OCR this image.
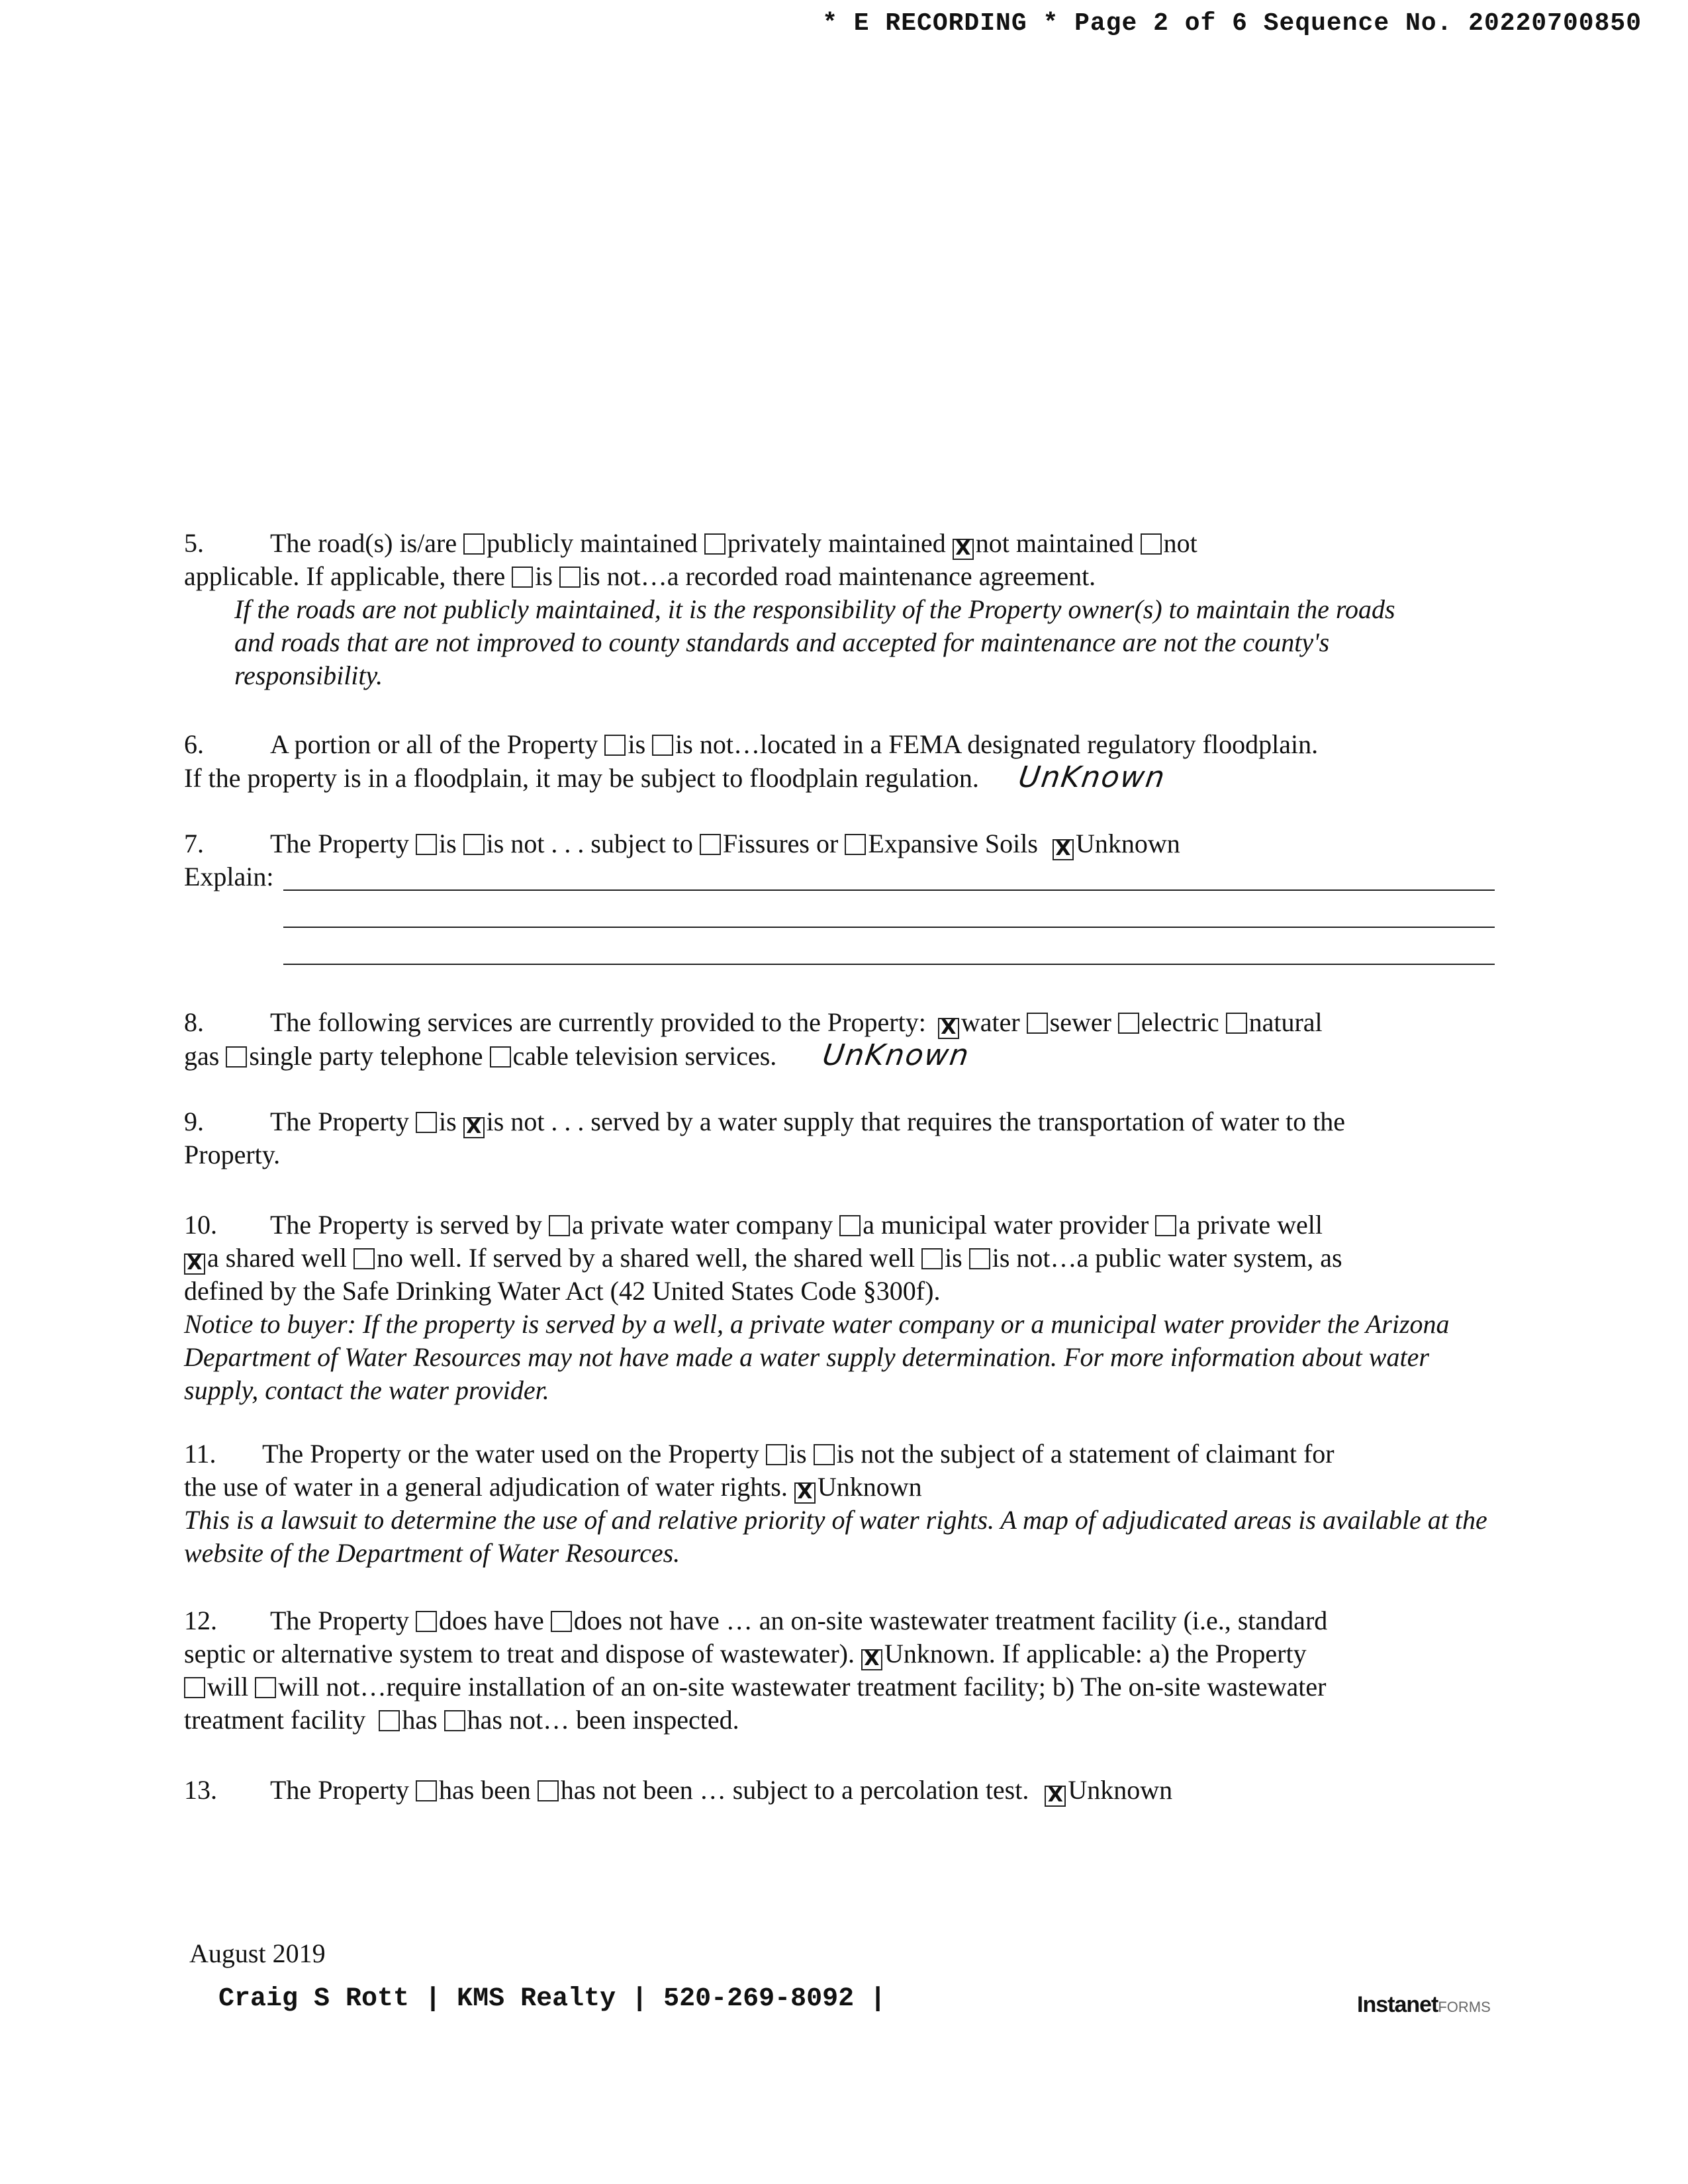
* E RECORDING * Page 2 of 6 Sequence No. 20220700850
5.	The road(s) is/are publicly maintained privately maintained X not maintained not
applicable. If applicable, there is is not…a recorded road maintenance agreement.
If the roads are not publicly maintained, it is the responsibility of the Property owner(s) to maintain the roads and roads that are not improved to county standards and accepted for maintenance are not the county's responsibility.
6.	A portion or all of the Property is is not…located in a FEMA designated regulatory floodplain.
If the property is in a floodplain, it may be subject to floodplain regulation. UnKnown
7.	The Property is is not . . . subject to Fissures or Expansive Soils X Unknown
Explain:
8.	The following services are currently provided to the Property: X water sewer electric natural
gas single party telephone cable television services. UnKnown
9.	The Property is X is not . . . served by a water supply that requires the transportation of water to the
Property.
10. The Property is served by a private water company a municipal water provider a private well
X a shared well no well. If served by a shared well, the shared well is is not…a public water system, as
defined by the Safe Drinking Water Act (42 United States Code §300f).
Notice to buyer: If the property is served by a well, a private water company or a municipal water provider the Arizona Department of Water Resources may not have made a water supply determination. For more information about water supply, contact the water provider.
11. The Property or the water used on the Property is is not the subject of a statement of claimant for
the use of water in a general adjudication of water rights. X Unknown
This is a lawsuit to determine the use of and relative priority of water rights. A map of adjudicated areas is available at the website of the Department of Water Resources.
12. The Property does have does not have … an on-site wastewater treatment facility (i.e., standard
septic or alternative system to treat and dispose of wastewater). X Unknown. If applicable: a) the Property
will will not…require installation of an on-site wastewater treatment facility; b) The on-site wastewater
treatment facility has has not… been inspected.
13. The Property has been has not been … subject to a percolation test. X Unknown
August 2019
Craig S Rott | KMS Realty | 520-269-8092 |	InstanetFORMS
